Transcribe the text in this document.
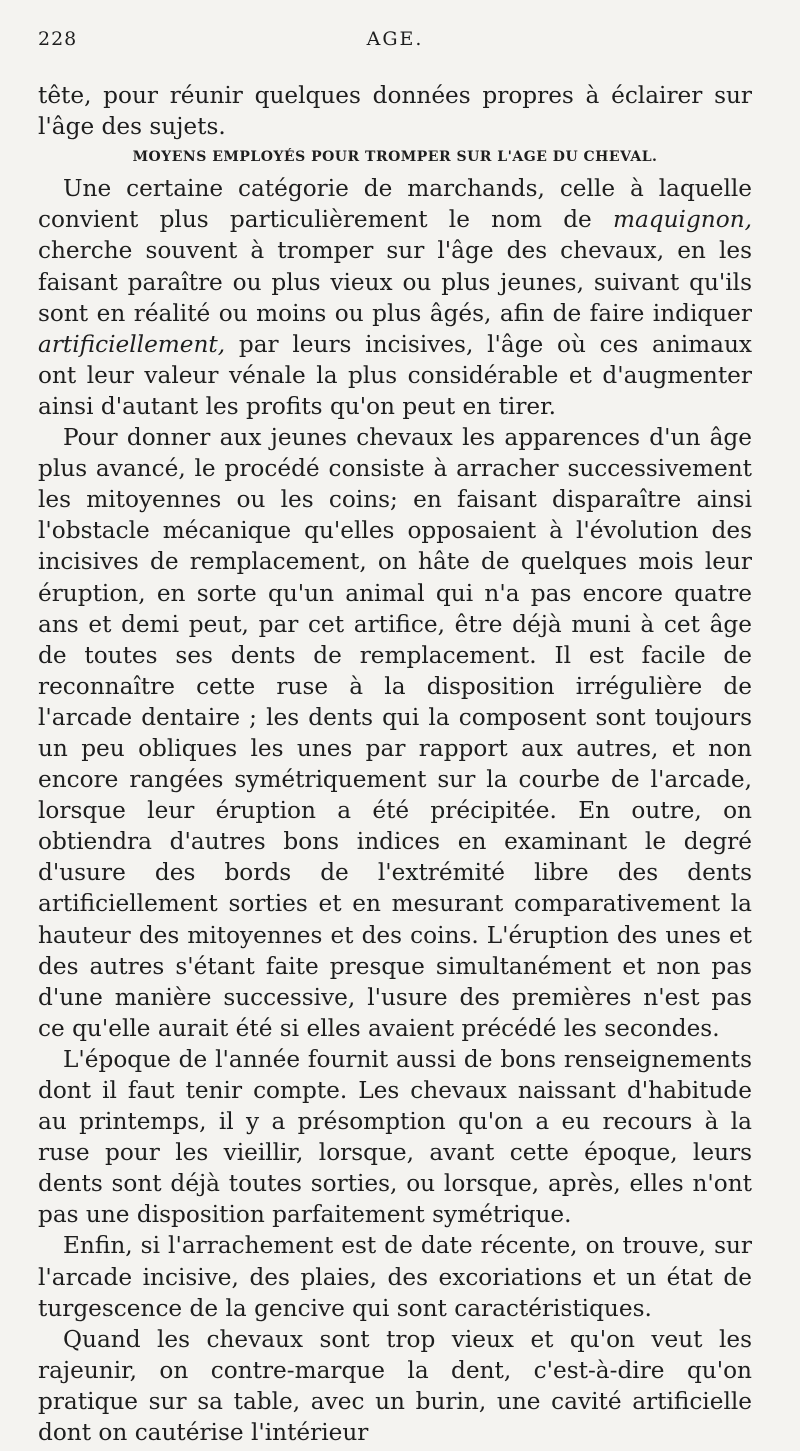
228	AGE.

tête, pour réunir quelques données propres à éclairer sur l'âge des sujets.

MOYENS EMPLOYÉS POUR TROMPER SUR L'AGE DU CHEVAL.

Une certaine catégorie de marchands, celle à laquelle convient plus particulièrement le nom de maquignon, cherche souvent à tromper sur l'âge des chevaux, en les faisant paraître ou plus vieux ou plus jeunes, suivant qu'ils sont en réalité ou moins ou plus âgés, afin de faire indiquer artificiellement, par leurs incisives, l'âge où ces animaux ont leur valeur vénale la plus considérable et d'augmenter ainsi d'autant les profits qu'on peut en tirer.

Pour donner aux jeunes chevaux les apparences d'un âge plus avancé, le procédé consiste à arracher successivement les mitoyennes ou les coins; en faisant disparaître ainsi l'obstacle mécanique qu'elles opposaient à l'évolution des incisives de remplacement, on hâte de quelques mois leur éruption, en sorte qu'un animal qui n'a pas encore quatre ans et demi peut, par cet artifice, être déjà muni à cet âge de toutes ses dents de remplacement. Il est facile de reconnaître cette ruse à la disposition irrégulière de l'arcade dentaire ; les dents qui la composent sont toujours un peu obliques les unes par rapport aux autres, et non encore rangées symétriquement sur la courbe de l'arcade, lorsque leur éruption a été précipitée. En outre, on obtiendra d'autres bons indices en examinant le degré d'usure des bords de l'extrémité libre des dents artificiellement sorties et en mesurant comparativement la hauteur des mitoyennes et des coins. L'éruption des unes et des autres s'étant faite presque simultanément et non pas d'une manière successive, l'usure des premières n'est pas ce qu'elle aurait été si elles avaient précédé les secondes.

L'époque de l'année fournit aussi de bons renseignements dont il faut tenir compte. Les chevaux naissant d'habitude au printemps, il y a présomption qu'on a eu recours à la ruse pour les vieillir, lorsque, avant cette époque, leurs dents sont déjà toutes sorties, ou lorsque, après, elles n'ont pas une disposition parfaitement symétrique.

Enfin, si l'arrachement est de date récente, on trouve, sur l'arcade incisive, des plaies, des excoriations et un état de turgescence de la gencive qui sont caractéristiques.

Quand les chevaux sont trop vieux et qu'on veut les rajeunir, on contre-marque la dent, c'est-à-dire qu'on pratique sur sa table, avec un burin, une cavité artificielle dont on cautérise l'intérieur
